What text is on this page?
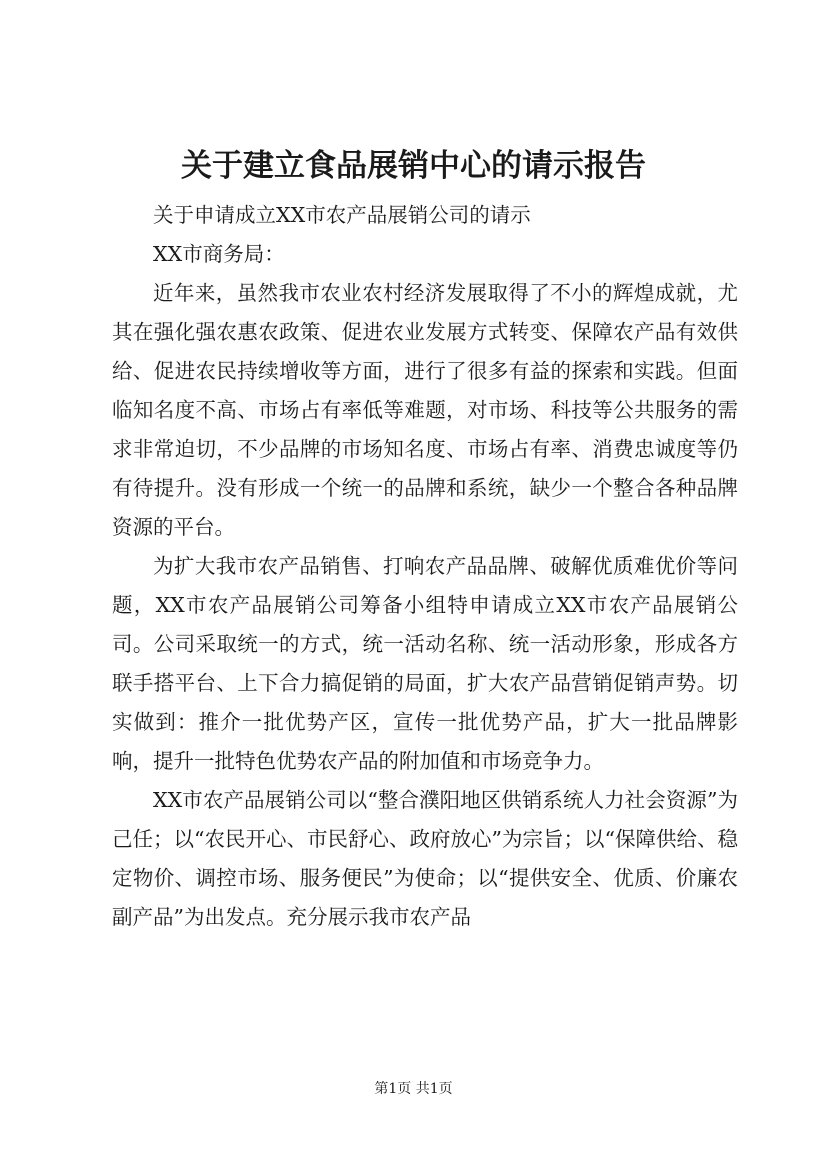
关于建立食品展销中心的请示报告

关于申请成立XX市农产品展销公司的请示

XX市商务局：

近年来，虽然我市农业农村经济发展取得了不小的辉煌成就，尤其在强化强农惠农政策、促进农业发展方式转变、保障农产品有效供给、促进农民持续增收等方面，进行了很多有益的探索和实践。但面临知名度不高、市场占有率低等难题，对市场、科技等公共服务的需求非常迫切，不少品牌的市场知名度、市场占有率、消费忠诚度等仍有待提升。没有形成一个统一的品牌和系统，缺少一个整合各种品牌资源的平台。

为扩大我市农产品销售、打响农产品品牌、破解优质难优价等问题，XX市农产品展销公司筹备小组特申请成立XX市农产品展销公司。公司采取统一的方式，统一活动名称、统一活动形象，形成各方联手搭平台、上下合力搞促销的局面，扩大农产品营销促销声势。切实做到：推介一批优势产区，宣传一批优势产品，扩大一批品牌影响，提升一批特色优势农产品的附加值和市场竞争力。

XX市农产品展销公司以“整合濮阳地区供销系统人力社会资源”为己任；以“农民开心、市民舒心、政府放心”为宗旨；以“保障供给、稳定物价、调控市场、服务便民”为使命；以“提供安全、优质、价廉农副产品”为出发点。充分展示我市农产品

第1页 共1页
